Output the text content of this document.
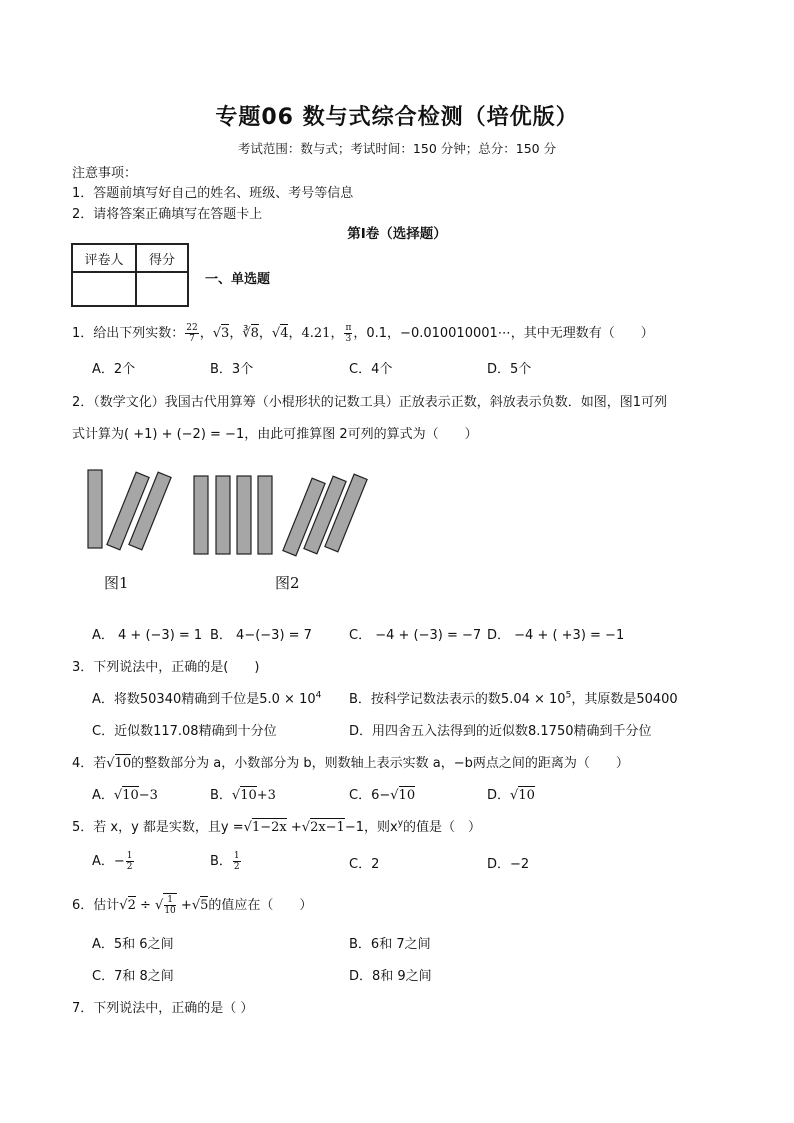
专题06 数与式综合检测（培优版）
考试范围：数与式；考试时间：150 分钟；总分：150 分
注意事项：
1．答题前填写好自己的姓名、班级、考号等信息
2．请将答案正确填写在答题卡上
第Ⅰ卷（选择题）
评卷人	得分

一、单选题
1．给出下列实数： $\frac{22}{7}$ ，√3，∛8，√4，4.21， $\frac{\pi}{3}$ ，0.1，−0.010010001⋯，其中无理数有（　　）
A．2个	B．3个	C．4个	D．5个
2．（数学文化）我国古代用算筹（小棍形状的记数工具）正放表示正数，斜放表示负数．如图，图1可列
式计算为( +1) + (−2) = −1，由此可推算图 2可列的算式为（　　）
图1	图2
A． 4 + (−3) = 1 B． 4−(−3) = 7	C． −4 + (−3) = −7 D． −4 + ( +3) = −1
3．下列说法中，正确的是(　　)
A．将数50340精确到千位是$5.0 \times 10^4$ B．按科学记数法表示的数$5.04 \times 10^5$，其原数是50400
C．近似数117.08精确到十分位	D．用四舍五入法得到的近似数8.1750精确到千分位
4．若√10的整数部分为 a，小数部分为 b，则数轴上表示实数 a，−b两点之间的距离为（　　）
A．√10−3	B．√10+3	C．6−√10	D．√10
5．若 x，y 都是实数，且y =√1−2x +√2x−1−1，则$x^y$的值是（　）
A．− $\frac{1}{2}$	B． $\frac{1}{2}$	C．2	D．−2
6．估计√2 ÷ √ $\frac{1}{10} +√5$的值应在（　　）
A．5和 6之间	B．6和 7之间
C．7和 8之间	D．8和 9之间
7．下列说法中，正确的是（ ）
